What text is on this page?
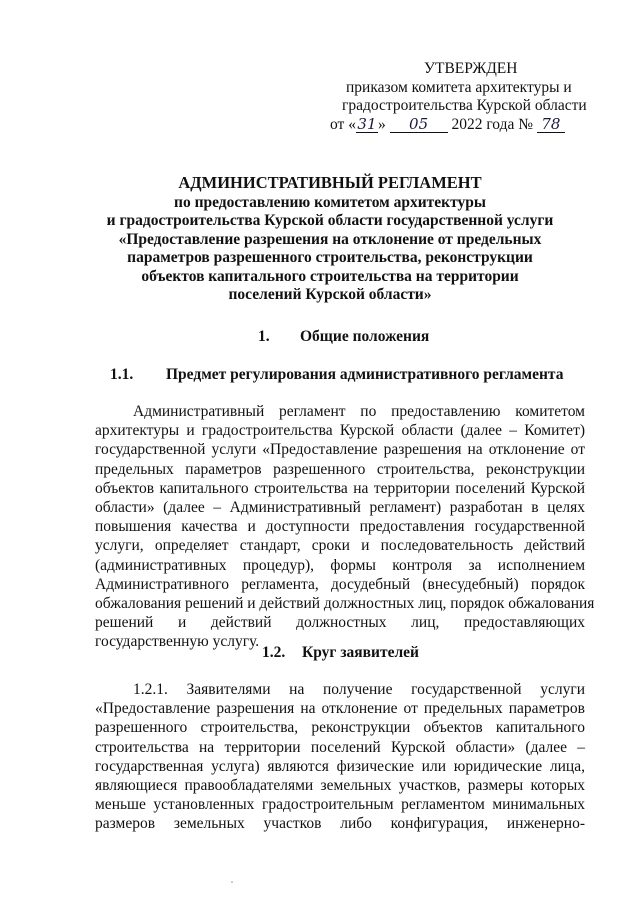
УТВЕРЖДЕН
приказом комитета архитектуры и
градостроительства Курской области
от «31» 05 2022 года № 78
АДМИНИСТРАТИВНЫЙ РЕГЛАМЕНТ
по предоставлению комитетом архитектуры
и градостроительства Курской области государственной услуги
«Предоставление разрешения на отклонение от предельных
параметров разрешенного строительства, реконструкции
объектов капитального строительства на территории
поселений Курской области»
1. Общие положения
1.1. Предмет регулирования административного регламента
Административный регламент по предоставлению комитетом
архитектуры и градостроительства Курской области (далее – Комитет)
государственной услуги «Предоставление разрешения на отклонение от
предельных параметров разрешенного строительства, реконструкции
объектов капитального строительства на территории поселений Курской
области» (далее – Административный регламент) разработан в целях
повышения качества и доступности предоставления государственной
услуги, определяет стандарт, сроки и последовательность действий
(административных процедур), формы контроля за исполнением
Административного регламента, досудебный (внесудебный) порядок
обжалования решений и действий должностных лиц, порядок обжалования
решений и действий должностных лиц, предоставляющих
государственную услугу.
1.2. Круг заявителей
1.2.1. Заявителями на получение государственной услуги
«Предоставление разрешения на отклонение от предельных параметров
разрешенного строительства, реконструкции объектов капитального
строительства на территории поселений Курской области» (далее –
государственная услуга) являются физические или юридические лица,
являющиеся правообладателями земельных участков, размеры которых
меньше установленных градостроительным регламентом минимальных
размеров земельных участков либо конфигурация, инженерно-
